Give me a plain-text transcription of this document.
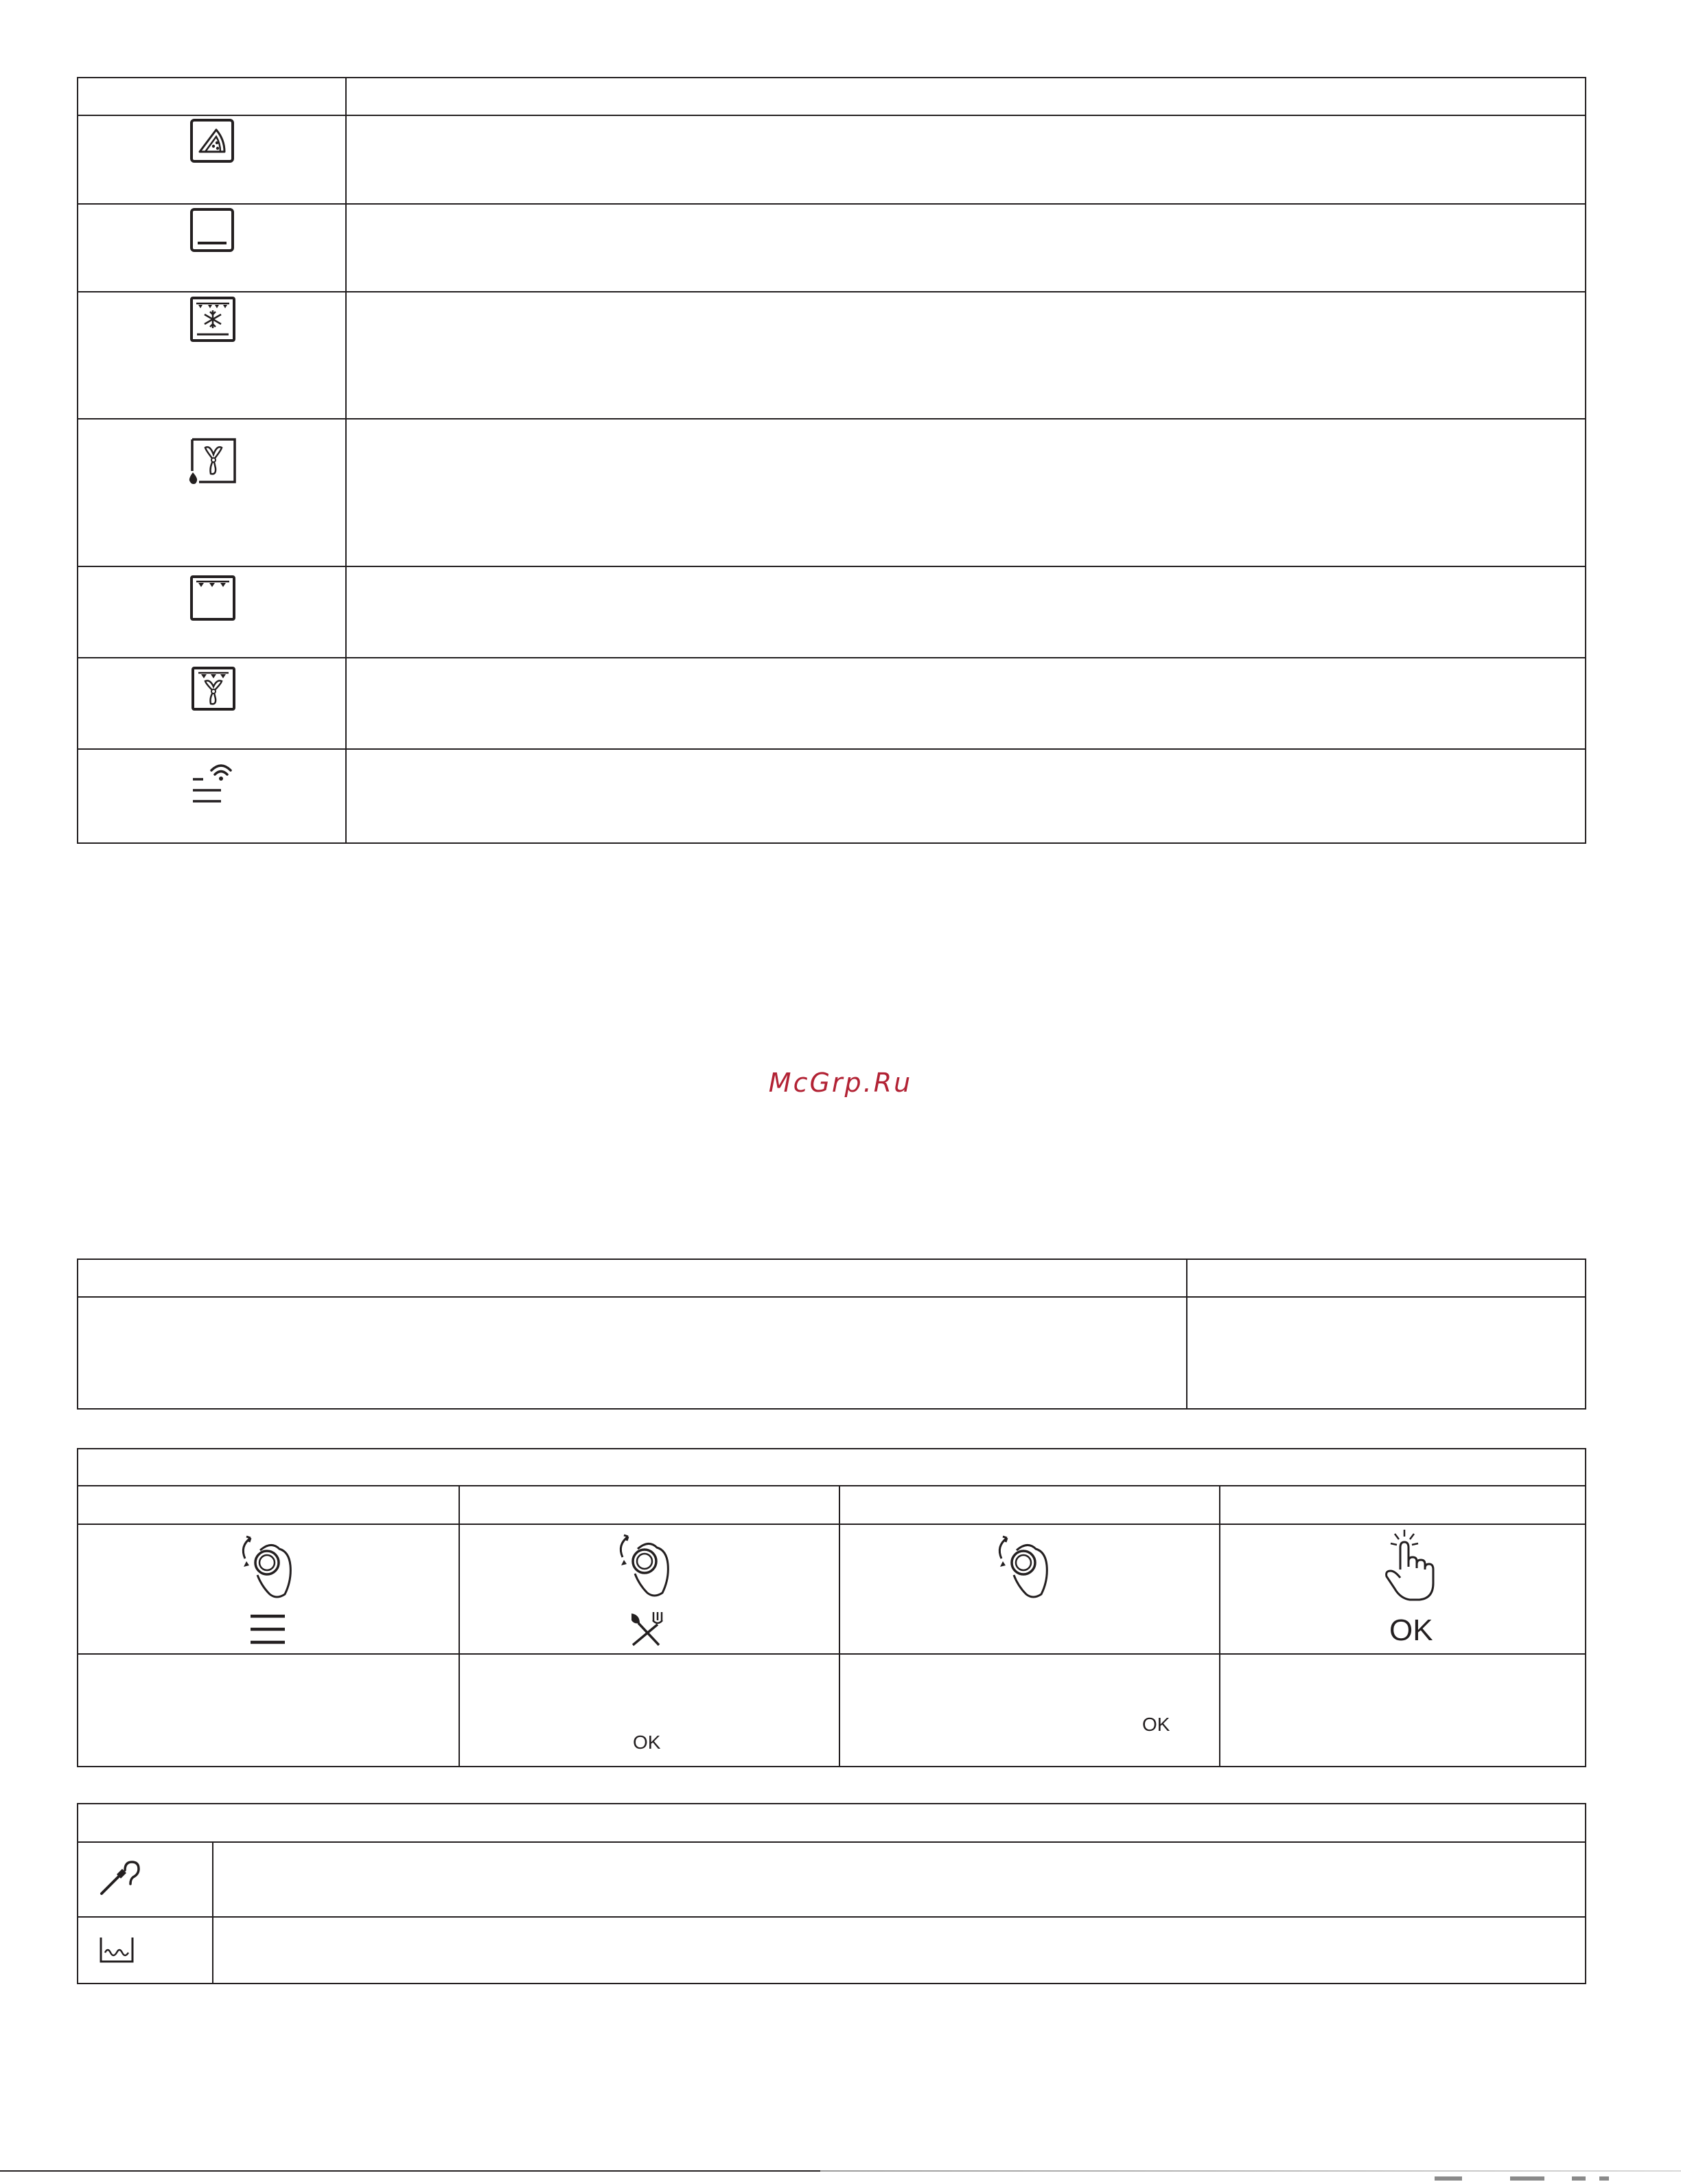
McGrp.Ru
OK
OK
OK
